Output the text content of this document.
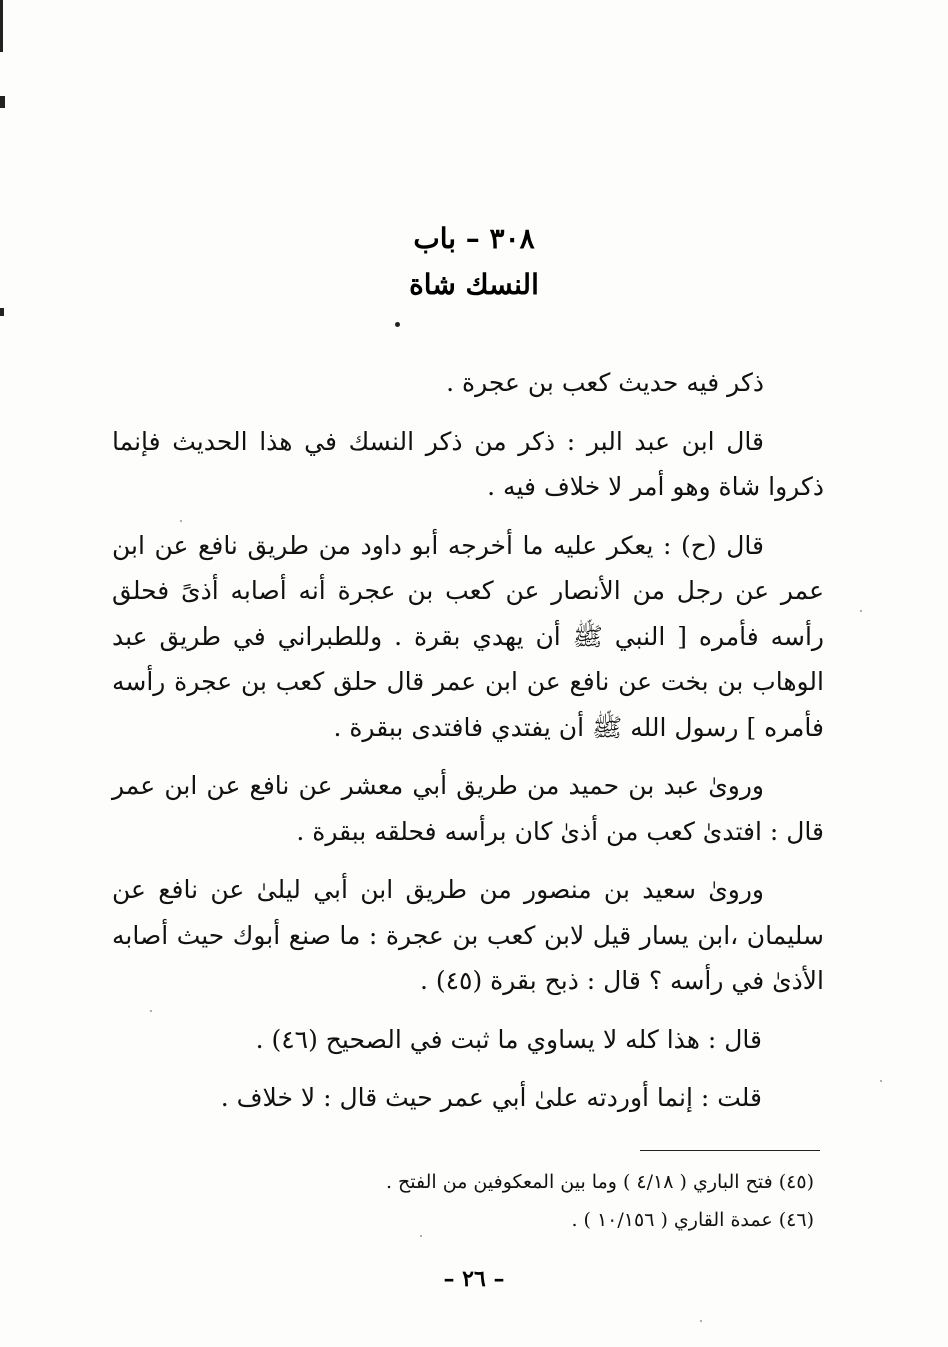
٣٠٨ – باب
النسك شاة

ذكر فيه حديث كعب بن عجرة .

قال ابن عبد البر : ذكر من ذكر النسك في هذا الحديث فإنما ذكروا شاة وهو أمر لا خلاف فيه .

قال (ح) : يعكر عليه ما أخرجه أبو داود من طريق نافع عن ابن عمر عن رجل من الأنصار عن كعب بن عجرة أنه أصابه أذىً فحلق رأسه فأمره [ النبي ﷺ أن يهدي بقرة . وللطبراني في طريق عبد الوهاب بن بخت عن نافع عن ابن عمر قال حلق كعب بن عجرة رأسه فأمره ] رسول الله ﷺ أن يفتدي فافتدى ببقرة .

وروىٰ عبد بن حميد من طريق أبي معشر عن نافع عن ابن عمر قال : افتدىٰ كعب من أذىٰ كان برأسه فحلقه ببقرة .

وروىٰ سعيد بن منصور من طريق ابن أبي ليلىٰ عن نافع عن سليمان ،ابن يسار قيل لابن كعب بن عجرة : ما صنع أبوك حيث أصابه الأذىٰ في رأسه ؟ قال : ذبح بقرة (٤٥) .

قال : هذا كله لا يساوي ما ثبت في الصحيح (٤٦) .

قلت : إنما أوردته علىٰ أبي عمر حيث قال : لا خلاف .

(٤٥) فتح الباري ( ٤/١٨ ) وما بين المعكوفين من الفتح .
(٤٦) عمدة القاري ( ١٠/١٥٦ ) .
– ٢٦ –
